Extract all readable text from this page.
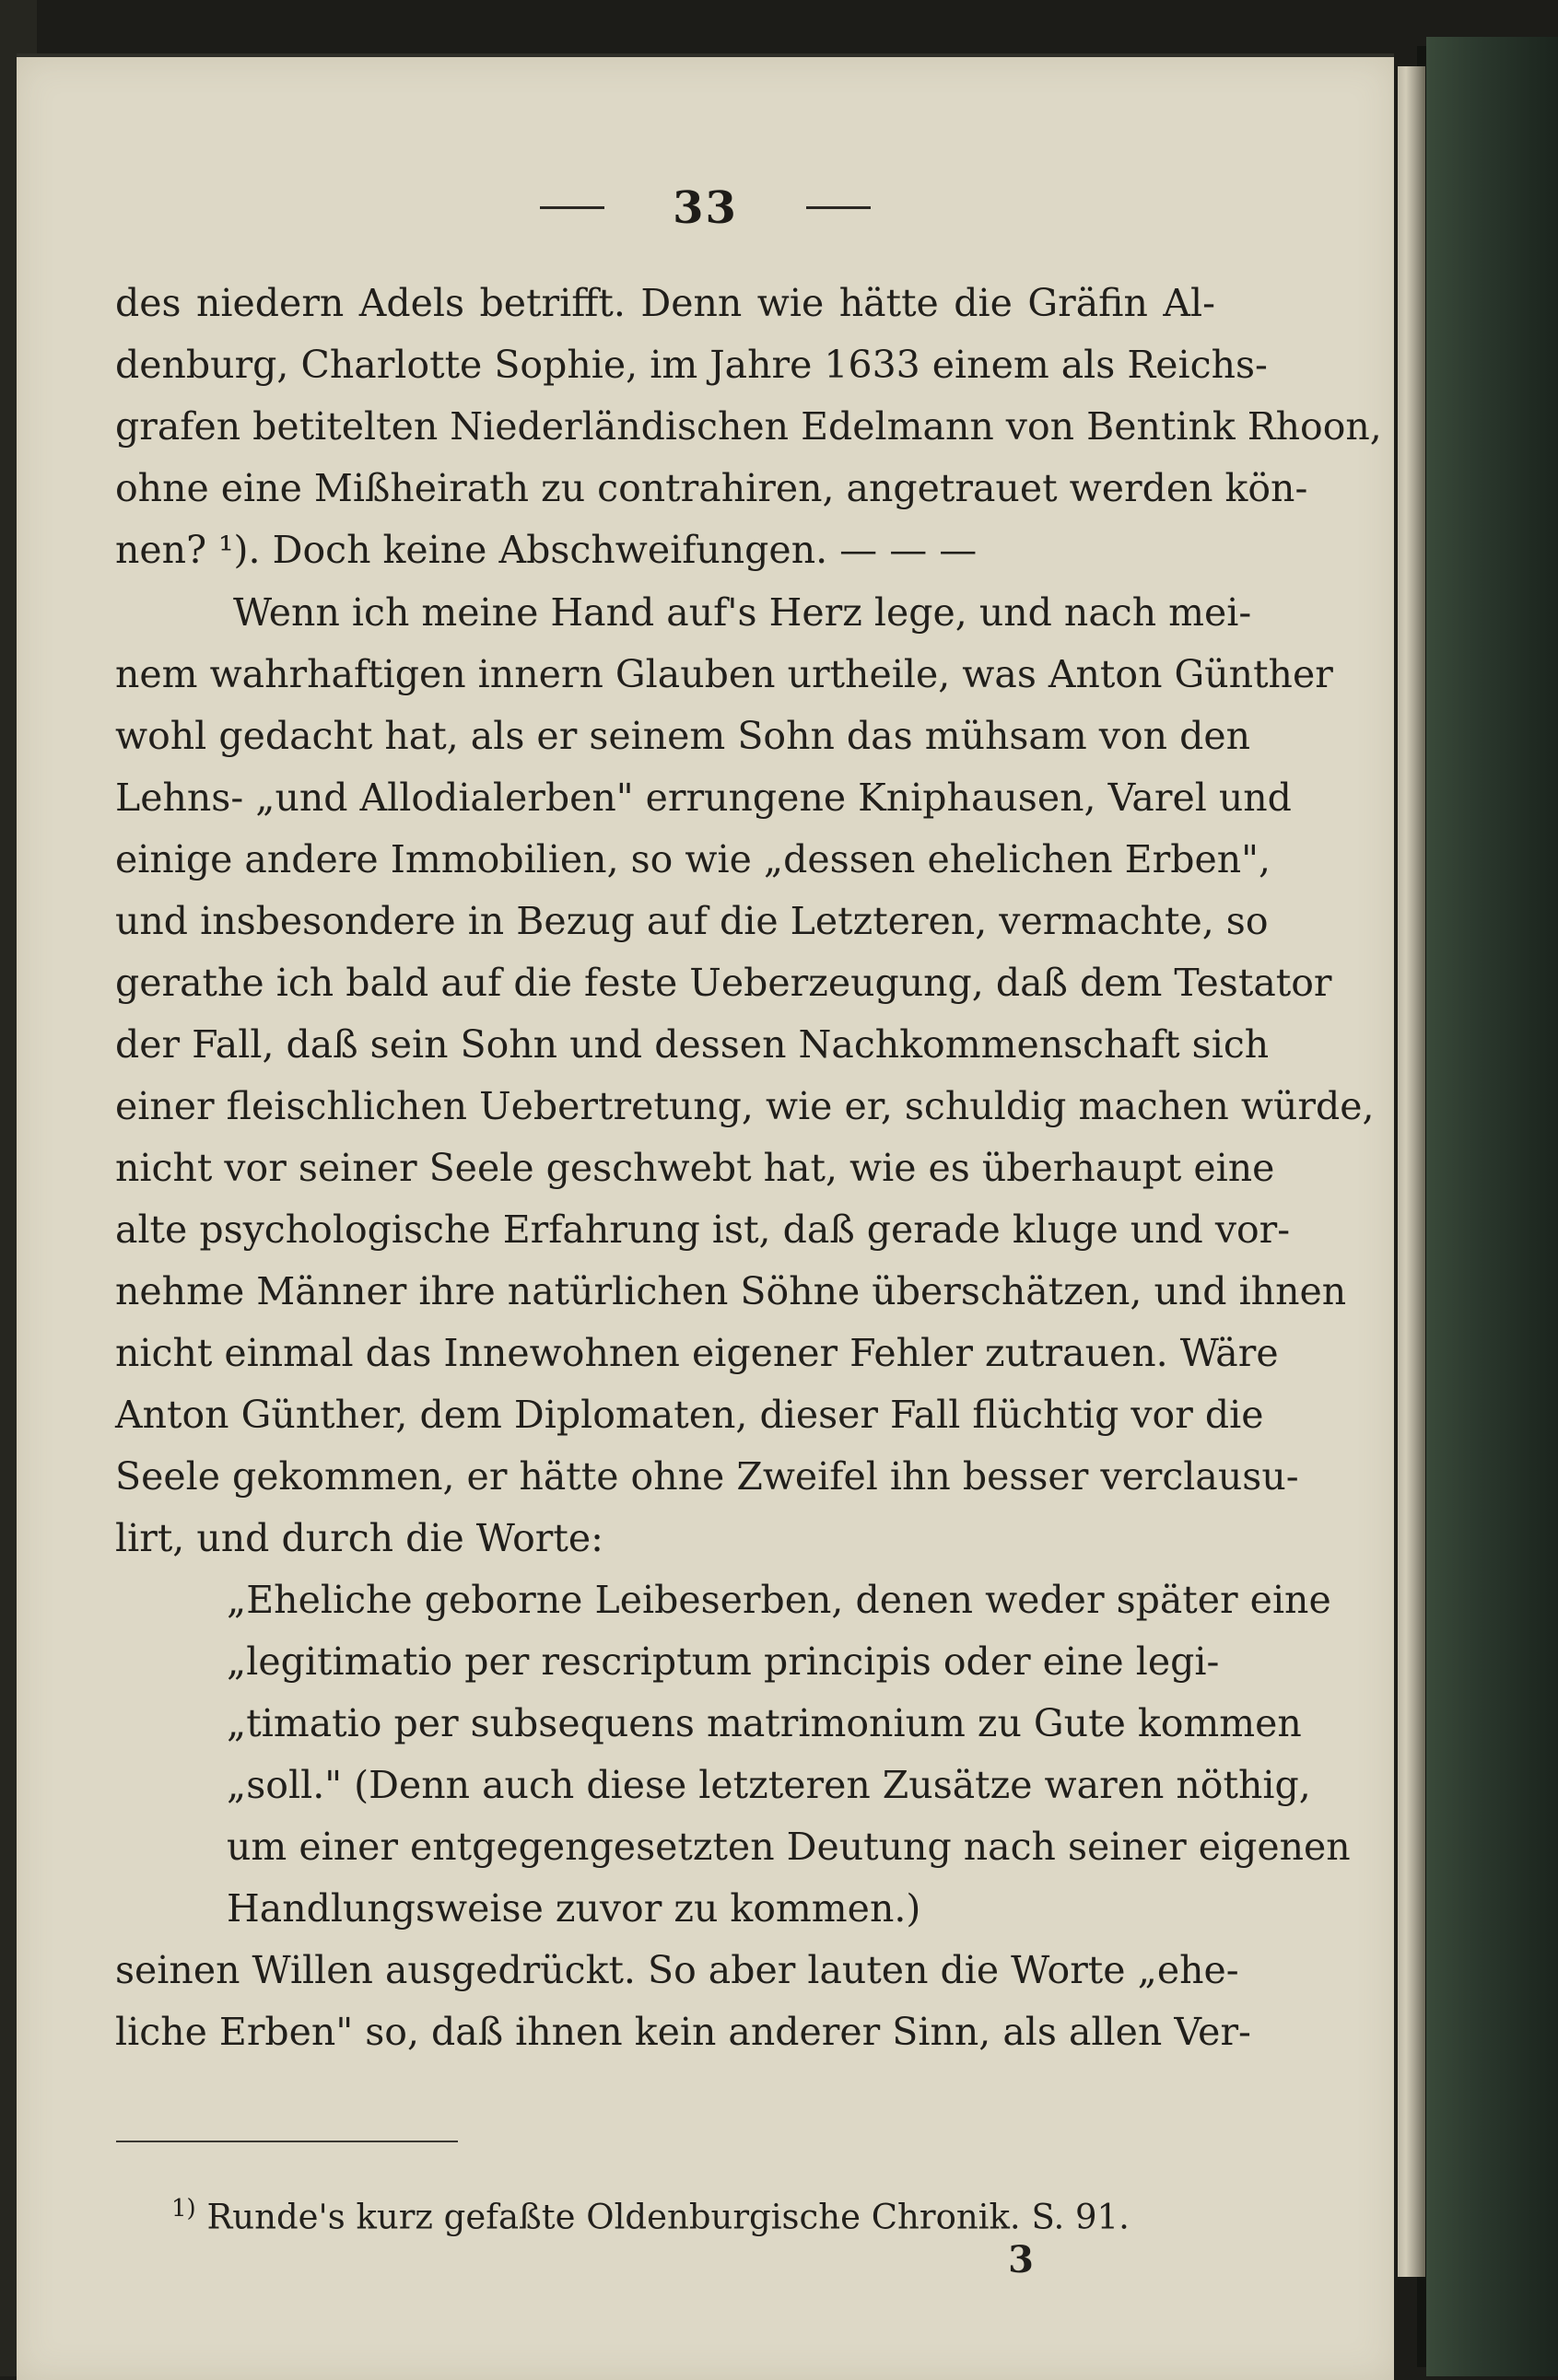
33
des niedern Adels betrifft. Denn wie hätte die Gräfin Al-
denburg, Charlotte Sophie, im Jahre 1633 einem als Reichs-
grafen betitelten Niederländischen Edelmann von Bentink Rhoon,
ohne eine Mißheirath zu contrahiren, angetrauet werden kön-
nen? ¹). Doch keine Abschweifungen. — — —
Wenn ich meine Hand auf's Herz lege, und nach mei-
nem wahrhaftigen innern Glauben urtheile, was Anton Günther
wohl gedacht hat, als er seinem Sohn das mühsam von den
Lehns- „und Allodialerben" errungene Kniphausen, Varel und
einige andere Immobilien, so wie „dessen ehelichen Erben",
und insbesondere in Bezug auf die Letzteren, vermachte, so
gerathe ich bald auf die feste Ueberzeugung, daß dem Testator
der Fall, daß sein Sohn und dessen Nachkommenschaft sich
einer fleischlichen Uebertretung, wie er, schuldig machen würde,
nicht vor seiner Seele geschwebt hat, wie es überhaupt eine
alte psychologische Erfahrung ist, daß gerade kluge und vor-
nehme Männer ihre natürlichen Söhne überschätzen, und ihnen
nicht einmal das Innewohnen eigener Fehler zutrauen. Wäre
Anton Günther, dem Diplomaten, dieser Fall flüchtig vor die
Seele gekommen, er hätte ohne Zweifel ihn besser verclausu-
lirt, und durch die Worte:
„Eheliche geborne Leibeserben, denen weder später eine
„legitimatio per rescriptum principis oder eine legi-
„timatio per subsequens matrimonium zu Gute kommen
„soll." (Denn auch diese letzteren Zusätze waren nöthig,
um einer entgegengesetzten Deutung nach seiner eigenen
Handlungsweise zuvor zu kommen.)
seinen Willen ausgedrückt. So aber lauten die Worte „ehe-
liche Erben" so, daß ihnen kein anderer Sinn, als allen Ver-
$^{1)}$ Runde's kurz gefaßte Oldenburgische Chronik. S. 91.
3
